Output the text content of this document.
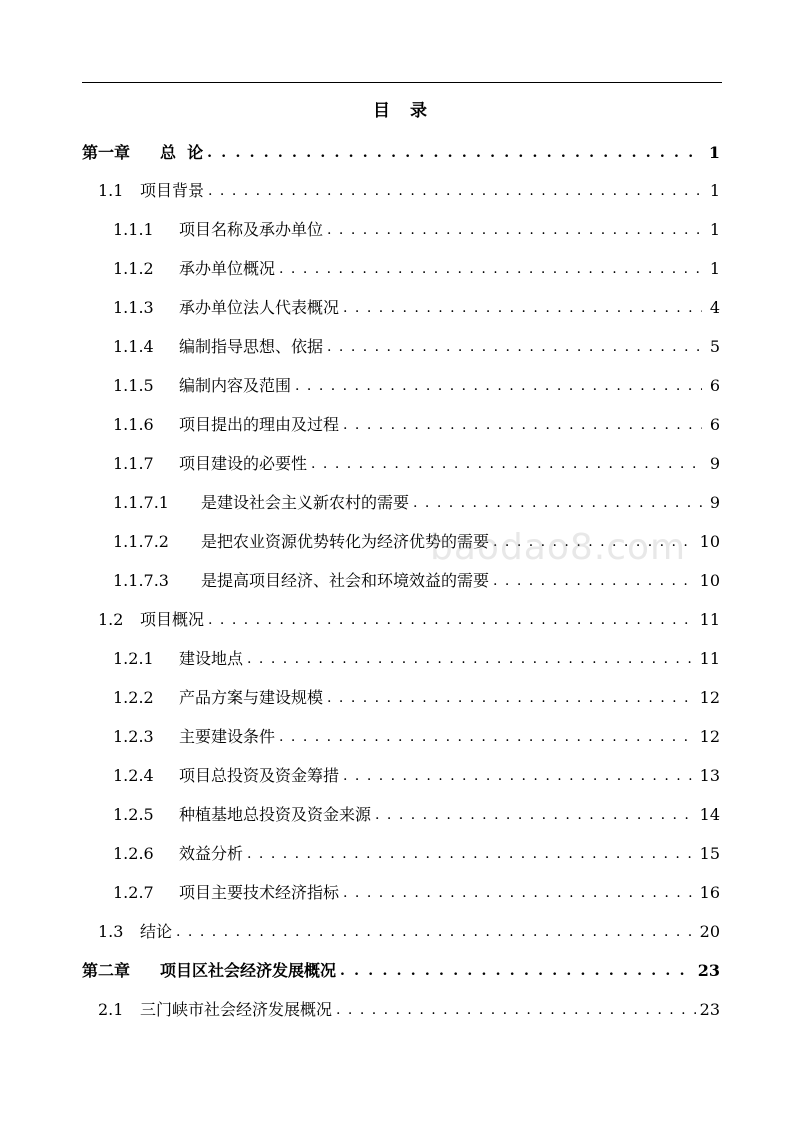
目 录
第一章	总  论 . . .	1
1.1	项目背景 . . .	1
1.1.1	项目名称及承办单位 . . .	1
1.1.2	承办单位概况 . . .	1
1.1.3	承办单位法人代表概况 . . .	4
1.1.4	编制指导思想、依据 . . .	5
1.1.5	编制内容及范围 . . .	6
1.1.6	项目提出的理由及过程 . . .	6
1.1.7	项目建设的必要性 . . .	9
1.1.7.1	是建设社会主义新农村的需要 . . .	9
1.1.7.2	是把农业资源优势转化为经济优势的需要 . . .	10
1.1.7.3	是提高项目经济、社会和环境效益的需要 . . .	10
1.2	项目概况 . . .	11
1.2.1	建设地点 . . .	11
1.2.2	产品方案与建设规模 . . .	12
1.2.3	主要建设条件 . . .	12
1.2.4	项目总投资及资金筹措 . . .	13
1.2.5	种植基地总投资及资金来源 . . .	14
1.2.6	效益分析 . . .	15
1.2.7	项目主要技术经济指标 . . .	16
1.3	结论 . . .	20
第二章	项目区社会经济发展概况 . . .	23
2.1	三门峡市社会经济发展概况 . . .	23
baodao8.com
